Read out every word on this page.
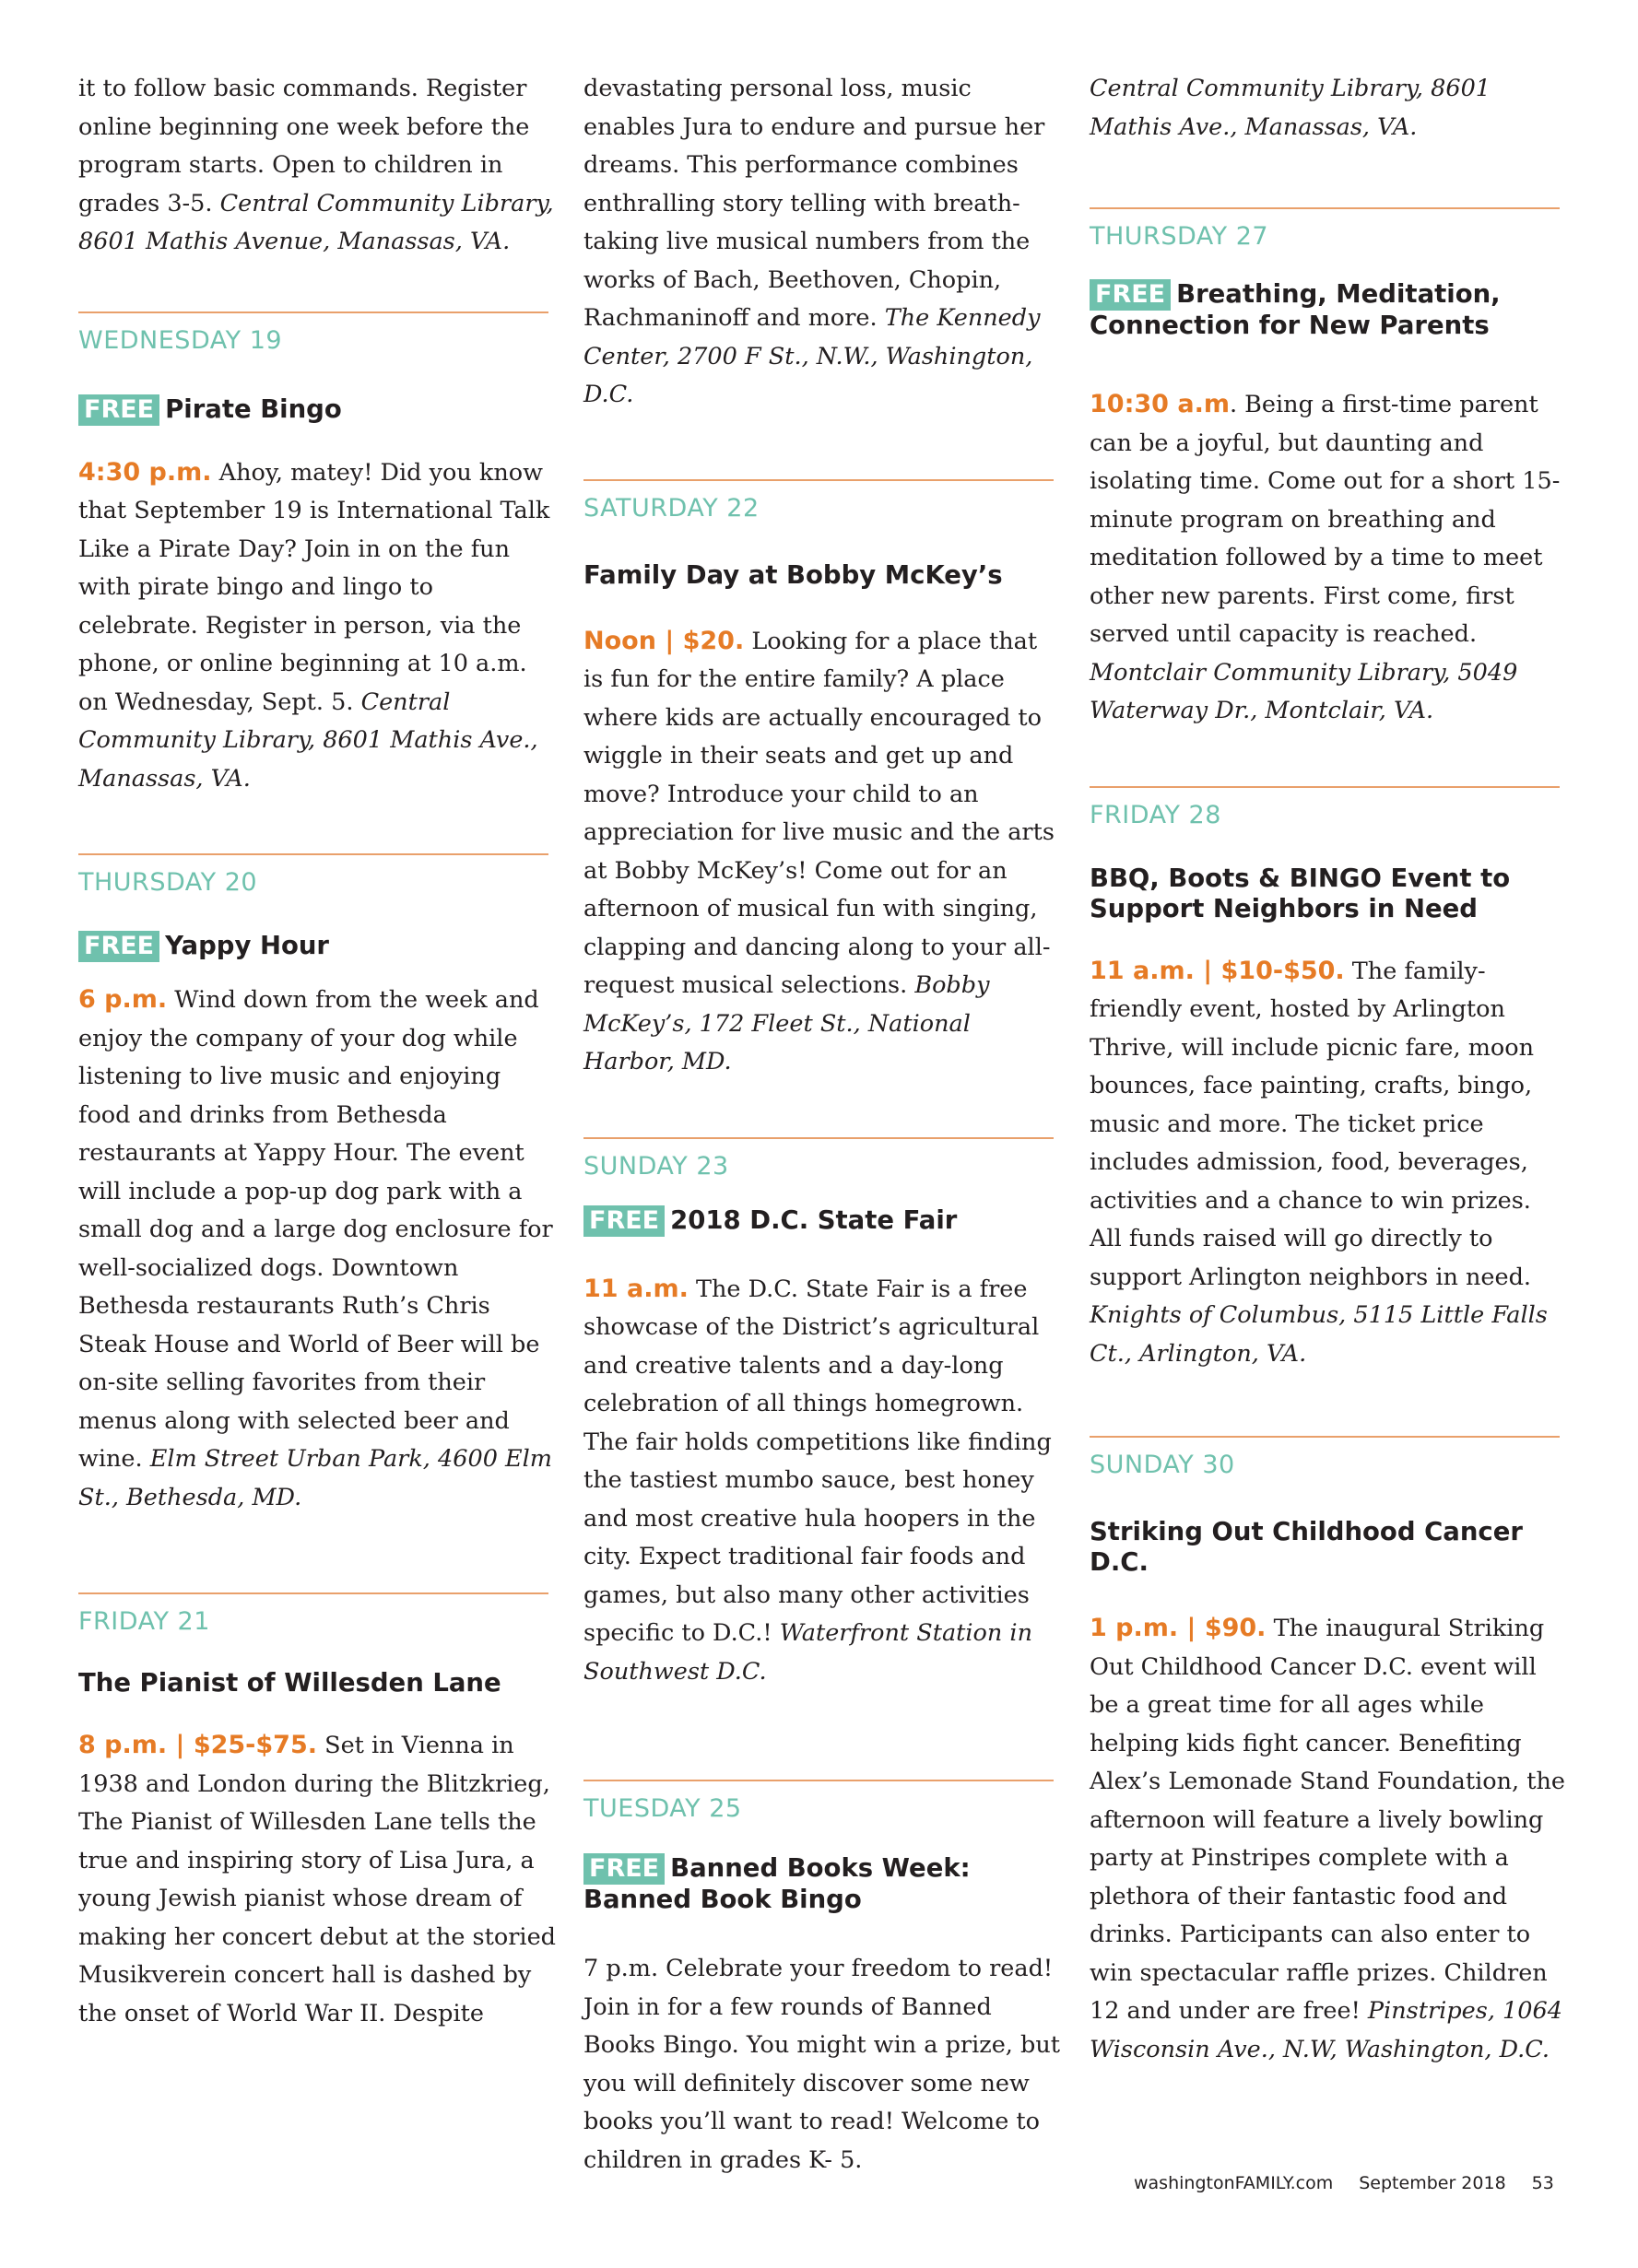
it to follow basic commands. Register online beginning one week before the program starts. Open to children in grades 3-5. Central Community Library, 8601 Mathis Avenue, Manassas, VA.

WEDNESDAY 19
FREE Pirate Bingo

4:30 p.m. Ahoy, matey! Did you know that September 19 is International Talk Like a Pirate Day? Join in on the fun with pirate bingo and lingo to celebrate. Register in person, via the phone, or online beginning at 10 a.m. on Wednesday, Sept. 5. Central Community Library, 8601 Mathis Ave., Manassas, VA.

THURSDAY 20
FREE Yappy Hour

6 p.m. Wind down from the week and enjoy the company of your dog while listening to live music and enjoying food and drinks from Bethesda restaurants at Yappy Hour. The event will include a pop-up dog park with a small dog and a large dog enclosure for well-socialized dogs. Downtown Bethesda restaurants Ruth’s Chris Steak House and World of Beer will be on-site selling favorites from their menus along with selected beer and wine. Elm Street Urban Park, 4600 Elm St., Bethesda, MD.

FRIDAY 21
The Pianist of Willesden Lane

8 p.m. | $25-$75. Set in Vienna in 1938 and London during the Blitzkrieg, The Pianist of Willesden Lane tells the true and inspiring story of Lisa Jura, a young Jewish pianist whose dream of making her concert debut at the storied Musikverein concert hall is dashed by the onset of World War II. Despite

devastating personal loss, music enables Jura to endure and pursue her dreams. This performance combines enthralling story telling with breath-taking live musical numbers from the works of Bach, Beethoven, Chopin, Rachmaninoff and more. The Kennedy Center, 2700 F St., N.W., Washington, D.C.

SATURDAY 22
Family Day at Bobby McKey’s

Noon | $20. Looking for a place that is fun for the entire family? A place where kids are actually encouraged to wiggle in their seats and get up and move? Introduce your child to an appreciation for live music and the arts at Bobby McKey’s! Come out for an afternoon of musical fun with singing, clapping and dancing along to your all-request musical selections. Bobby McKey’s, 172 Fleet St., National Harbor, MD.

SUNDAY 23
FREE 2018 D.C. State Fair

11 a.m. The D.C. State Fair is a free showcase of the District’s agricultural and creative talents and a day-long celebration of all things homegrown. The fair holds competitions like finding the tastiest mumbo sauce, best honey and most creative hula hoopers in the city. Expect traditional fair foods and games, but also many other activities specific to D.C.! Waterfront Station in Southwest D.C.

TUESDAY 25
FREE Banned Books Week: Banned Book Bingo

7 p.m. Celebrate your freedom to read! Join in for a few rounds of Banned Books Bingo. You might win a prize, but you will definitely discover some new books you’ll want to read! Welcome to children in grades K- 5.

Central Community Library, 8601 Mathis Ave., Manassas, VA.

THURSDAY 27
FREE Breathing, Meditation, Connection for New Parents

10:30 a.m. Being a first-time parent can be a joyful, but daunting and isolating time. Come out for a short 15-minute program on breathing and meditation followed by a time to meet other new parents. First come, first served until capacity is reached. Montclair Community Library, 5049 Waterway Dr., Montclair, VA.

FRIDAY 28
BBQ, Boots & BINGO Event to Support Neighbors in Need

11 a.m. | $10-$50. The family-friendly event, hosted by Arlington Thrive, will include picnic fare, moon bounces, face painting, crafts, bingo, music and more. The ticket price includes admission, food, beverages, activities and a chance to win prizes. All funds raised will go directly to support Arlington neighbors in need. Knights of Columbus, 5115 Little Falls Ct., Arlington, VA.

SUNDAY 30
Striking Out Childhood Cancer D.C.

1 p.m. | $90. The inaugural Striking Out Childhood Cancer D.C. event will be a great time for all ages while helping kids fight cancer. Benefiting Alex’s Lemonade Stand Foundation, the afternoon will feature a lively bowling party at Pinstripes complete with a plethora of their fantastic food and drinks. Participants can also enter to win spectacular raffle prizes. Children 12 and under are free! Pinstripes, 1064 Wisconsin Ave., N.W, Washington, D.C.

washingtonFAMILY.com September 2018 53
